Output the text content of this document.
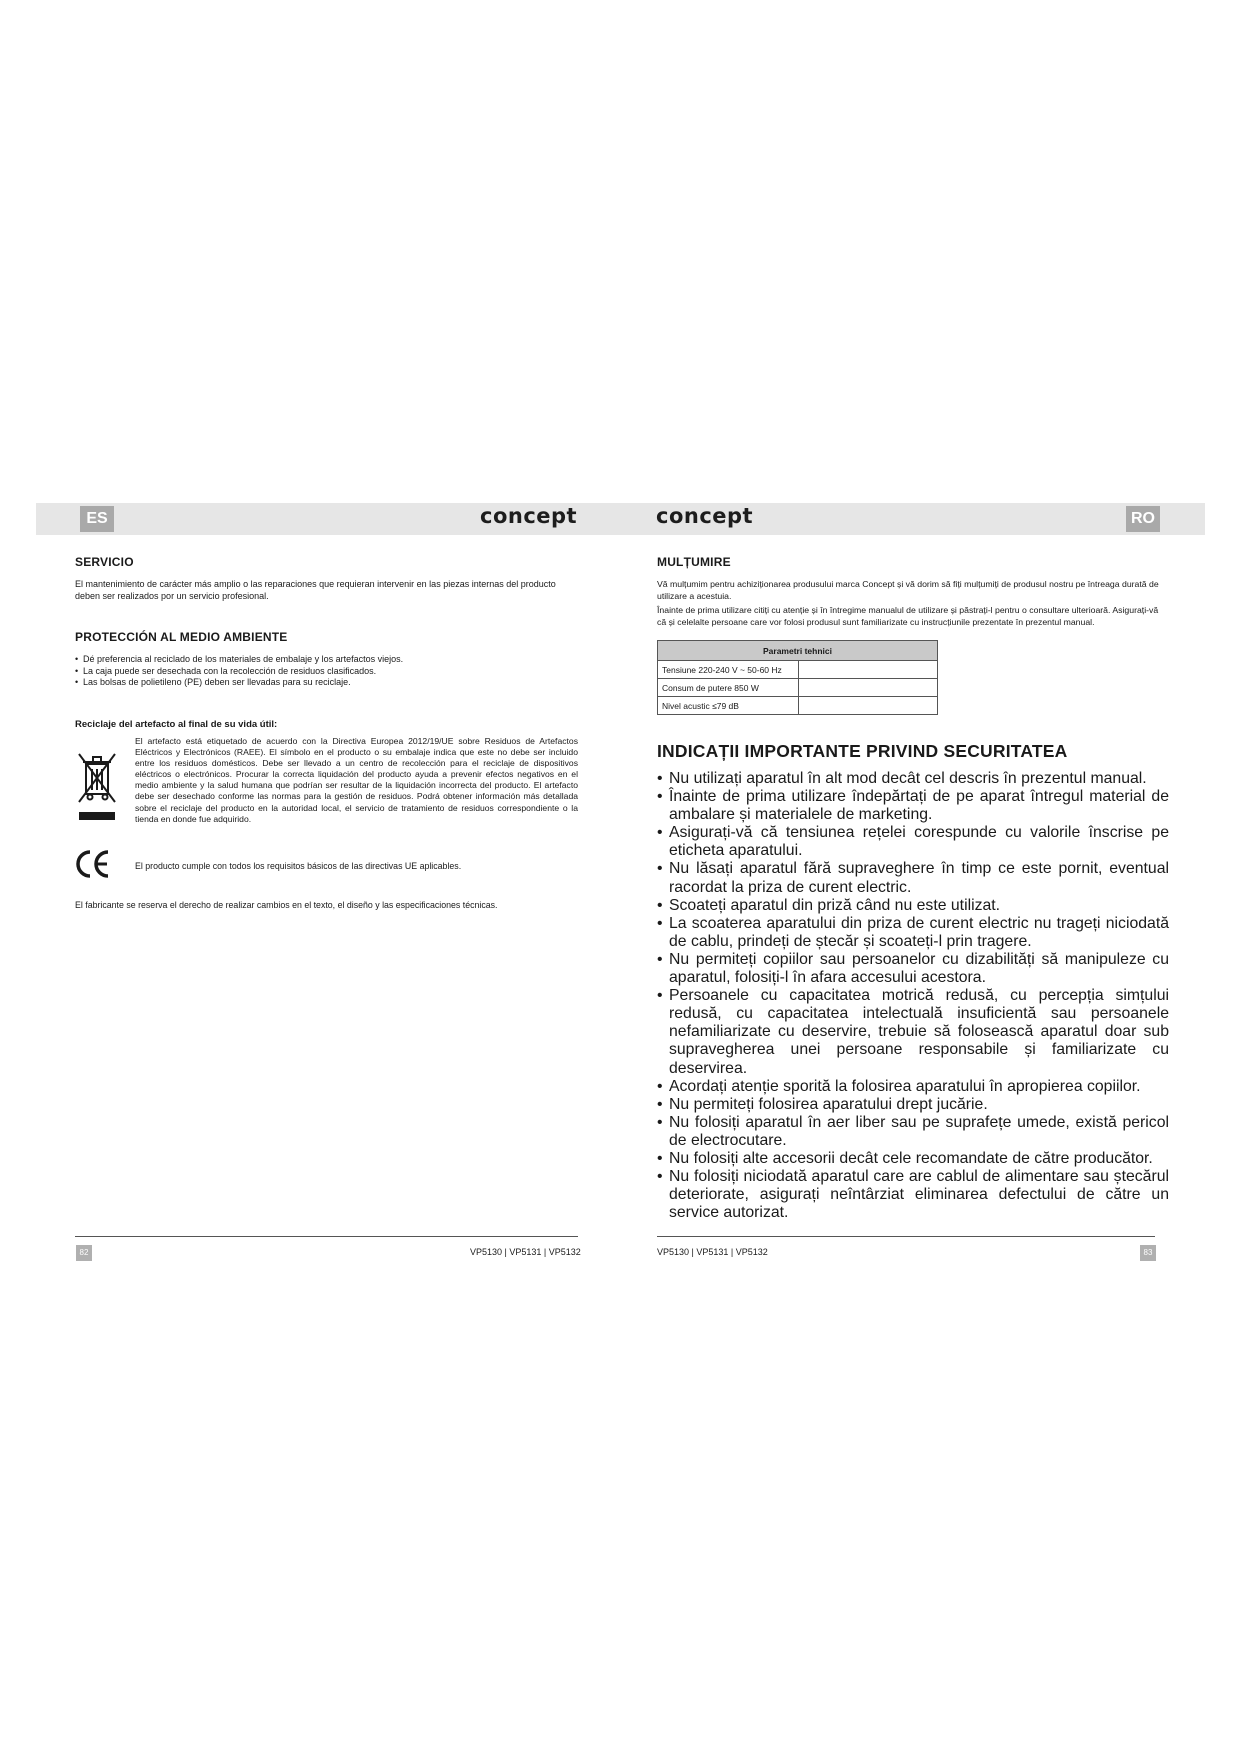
ES	RO
concept	concept
SERVICIO

El mantenimiento de carácter más amplio o las reparaciones que requieran intervenir en las piezas internas del producto deben ser realizados por un servicio profesional.

PROTECCIÓN AL MEDIO AMBIENTE
• Dé preferencia al reciclado de los materiales de embalaje y los artefactos viejos.
• La caja puede ser desechada con la recolección de residuos clasificados.
• Las bolsas de polietileno (PE) deben ser llevadas para su reciclaje.
Reciclaje del artefacto al final de su vida útil:
El artefacto está etiquetado de acuerdo con la Directiva Europea 2012/19/UE sobre Residuos de Artefactos Eléctricos y Electrónicos (RAEE). El símbolo en el producto o su embalaje indica que este no debe ser incluido entre los residuos domésticos. Debe ser llevado a un centro de recolección para el reciclaje de dispositivos eléctricos o electrónicos. Procurar la correcta liquidación del producto ayuda a prevenir efectos negativos en el medio ambiente y la salud humana que podrían ser resultar de la liquidación incorrecta del producto. El artefacto debe ser desechado conforme las normas para la gestión de residuos. Podrá obtener información más detallada sobre el reciclaje del producto en la autoridad local, el servicio de tratamiento de residuos correspondiente o la tienda en donde fue adquirido.
El producto cumple con todos los requisitos básicos de las directivas UE aplicables.

El fabricante se reserva el derecho de realizar cambios en el texto, el diseño y las especificaciones técnicas.

MULȚUMIRE

Vă mulțumim pentru achiziționarea produsului marca Concept și vă dorim să fiți mulțumiți de produsul nostru pe întreaga durată de utilizare a acestuia.

Înainte de prima utilizare citiți cu atenție și în întregime manualul de utilizare și păstrați-l pentru o consultare ulterioară. Asigurați-vă că și celelalte persoane care vor folosi produsul sunt familiarizate cu instrucțiunile prezentate în prezentul manual.

Parametri tehnici	
Tensiune 220-240 V ~ 50-60 Hz	
Consum de putere 850 W	
Nivel acustic ≤79 dB	
INDICAȚII IMPORTANTE PRIVIND SECURITATEA
• Nu utilizați aparatul în alt mod decât cel descris în prezentul manual.
• Înainte de prima utilizare îndepărtați de pe aparat întregul material de ambalare și materialele de marketing.
• Asigurați-vă că tensiunea rețelei corespunde cu valorile înscrise pe eticheta aparatului.
• Nu lăsați aparatul fără supraveghere în timp ce este pornit, eventual racordat la priza de curent electric.
• Scoateți aparatul din priză când nu este utilizat.
• La scoaterea aparatului din priza de curent electric nu trageți niciodată de cablu, prindeți de ștecăr și scoateți-l prin tragere.
• Nu permiteți copiilor sau persoanelor cu dizabilități să manipuleze cu aparatul, folosiți-l în afara accesului acestora.
• Persoanele cu capacitatea motrică redusă, cu percepția simțului redusă, cu capacitatea intelectuală insuficientă sau persoanele nefamiliarizate cu deservire, trebuie să folosească aparatul doar sub supravegherea unei persoane responsabile și familiarizate cu deservirea.
• Acordați atenție sporită la folosirea aparatului în apropierea copiilor.
• Nu permiteți folosirea aparatului drept jucărie.
• Nu folosiți aparatul în aer liber sau pe suprafețe umede, există pericol de electrocutare.
• Nu folosiți alte accesorii decât cele recomandate de către producător.
• Nu folosiți niciodată aparatul care are cablul de alimentare sau ștecărul deteriorate, asigurați neîntârziat eliminarea defectului de către un service autorizat.
82	83
VP5130 | VP5131 | VP5132	VP5130 | VP5131 | VP5132
